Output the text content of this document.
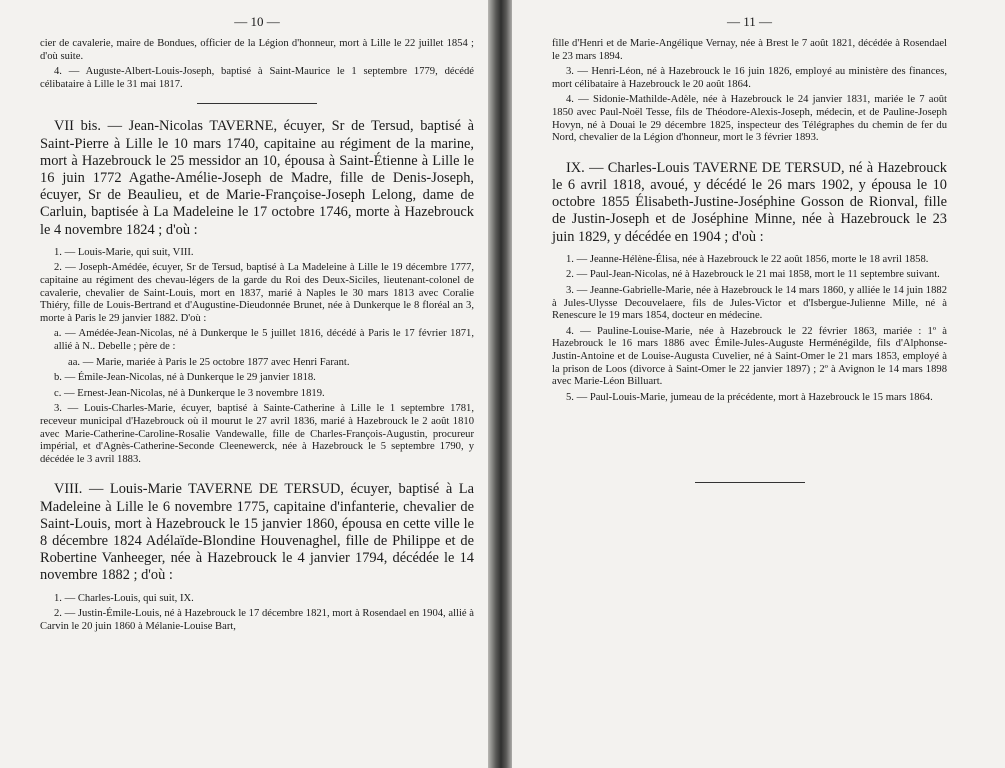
— 10 —

cier de cavalerie, maire de Bondues, officier de la Légion d'honneur, mort à Lille le 22 juillet 1854 ; d'où suite.

4. — Auguste-Albert-Louis-Joseph, baptisé à Saint-Maurice le 1 septembre 1779, décédé célibataire à Lille le 31 mai 1817.

VII bis. — Jean-Nicolas TAVERNE, écuyer, Sr de Tersud, baptisé à Saint-Pierre à Lille le 10 mars 1740, capitaine au régiment de la marine, mort à Hazebrouck le 25 messidor an 10, épousa à Saint-Étienne à Lille le 16 juin 1772 Agathe-Amélie-Joseph de Madre, fille de Denis-Joseph, écuyer, Sr de Beaulieu, et de Marie-Françoise-Joseph Lelong, dame de Carluin, baptisée à La Madeleine le 17 octobre 1746, morte à Hazebrouck le 4 novembre 1824 ; d'où :

1. — Louis-Marie, qui suit, VIII.

2. — Joseph-Amédée, écuyer, Sr de Tersud, baptisé à La Madeleine à Lille le 19 décembre 1777, capitaine au régiment des chevau-légers de la garde du Roi des Deux-Siciles, lieutenant-colonel de cavalerie, chevalier de Saint-Louis, mort en 1837, marié à Naples le 30 mars 1813 avec Coralie Thiéry, fille de Louis-Bertrand et d'Augustine-Dieudonnée Brunet, née à Dunkerque le 8 floréal an 3, morte à Paris le 29 janvier 1882. D'où :

a. — Amédée-Jean-Nicolas, né à Dunkerque le 5 juillet 1816, décédé à Paris le 17 février 1871, allié à N.. Debelle ; père de :

aa. — Marie, mariée à Paris le 25 octobre 1877 avec Henri Farant.

b. — Émile-Jean-Nicolas, né à Dunkerque le 29 janvier 1818.

c. — Ernest-Jean-Nicolas, né à Dunkerque le 3 novembre 1819.

3. — Louis-Charles-Marie, écuyer, baptisé à Sainte-Catherine à Lille le 1 septembre 1781, receveur municipal d'Hazebrouck où il mourut le 27 avril 1836, marié à Hazebrouck le 2 août 1810 avec Marie-Catherine-Caroline-Rosalie Vandewalle, fille de Charles-François-Augustin, procureur impérial, et d'Agnès-Catherine-Seconde Cleenewerck, née à Hazebrouck le 5 septembre 1790, y décédée le 3 avril 1883.

VIII. — Louis-Marie TAVERNE DE TERSUD, écuyer, baptisé à La Madeleine à Lille le 6 novembre 1775, capitaine d'infanterie, chevalier de Saint-Louis, mort à Hazebrouck le 15 janvier 1860, épousa en cette ville le 8 décembre 1824 Adélaïde-Blondine Houvenaghel, fille de Philippe et de Robertine Vanheeger, née à Hazebrouck le 4 janvier 1794, décédée le 14 novembre 1882 ; d'où :

1. — Charles-Louis, qui suit, IX.

2. — Justin-Émile-Louis, né à Hazebrouck le 17 décembre 1821, mort à Rosendael en 1904, allié à Carvin le 20 juin 1860 à Mélanie-Louise Bart,

— 11 —

fille d'Henri et de Marie-Angélique Vernay, née à Brest le 7 août 1821, décédée à Rosendael le 23 mars 1894.

3. — Henri-Léon, né à Hazebrouck le 16 juin 1826, employé au ministère des finances, mort célibataire à Hazebrouck le 20 août 1864.

4. — Sidonie-Mathilde-Adèle, née à Hazebrouck le 24 janvier 1831, mariée le 7 août 1850 avec Paul-Noël Tesse, fils de Théodore-Alexis-Joseph, médecin, et de Pauline-Joseph Hovyn, né à Douai le 29 décembre 1825, inspecteur des Télégraphes du chemin de fer du Nord, chevalier de la Légion d'honneur, mort le 3 février 1893.

IX. — Charles-Louis TAVERNE DE TERSUD, né à Hazebrouck le 6 avril 1818, avoué, y décédé le 26 mars 1902, y épousa le 10 octobre 1855 Élisabeth-Justine-Joséphine Gosson de Rionval, fille de Justin-Joseph et de Joséphine Minne, née à Hazebrouck le 23 juin 1829, y décédée en 1904 ; d'où :

1. — Jeanne-Hélène-Élisa, née à Hazebrouck le 22 août 1856, morte le 18 avril 1858.

2. — Paul-Jean-Nicolas, né à Hazebrouck le 21 mai 1858, mort le 11 septembre suivant.

3. — Jeanne-Gabrielle-Marie, née à Hazebrouck le 14 mars 1860, y alliée le 14 juin 1882 à Jules-Ulysse Decouvelaere, fils de Jules-Victor et d'Isbergue-Julienne Mille, né à Renescure le 19 mars 1854, docteur en médecine.

4. — Pauline-Louise-Marie, née à Hazebrouck le 22 février 1863, mariée : 1º à Hazebrouck le 16 mars 1886 avec Émile-Jules-Auguste Herménégilde, fils d'Alphonse-Justin-Antoine et de Louise-Augusta Cuvelier, né à Saint-Omer le 21 mars 1853, employé à la prison de Loos (divorce à Saint-Omer le 22 janvier 1897) ; 2º à Avignon le 14 mars 1898 avec Marie-Léon Billuart.

5. — Paul-Louis-Marie, jumeau de la précédente, mort à Hazebrouck le 15 mars 1864.
